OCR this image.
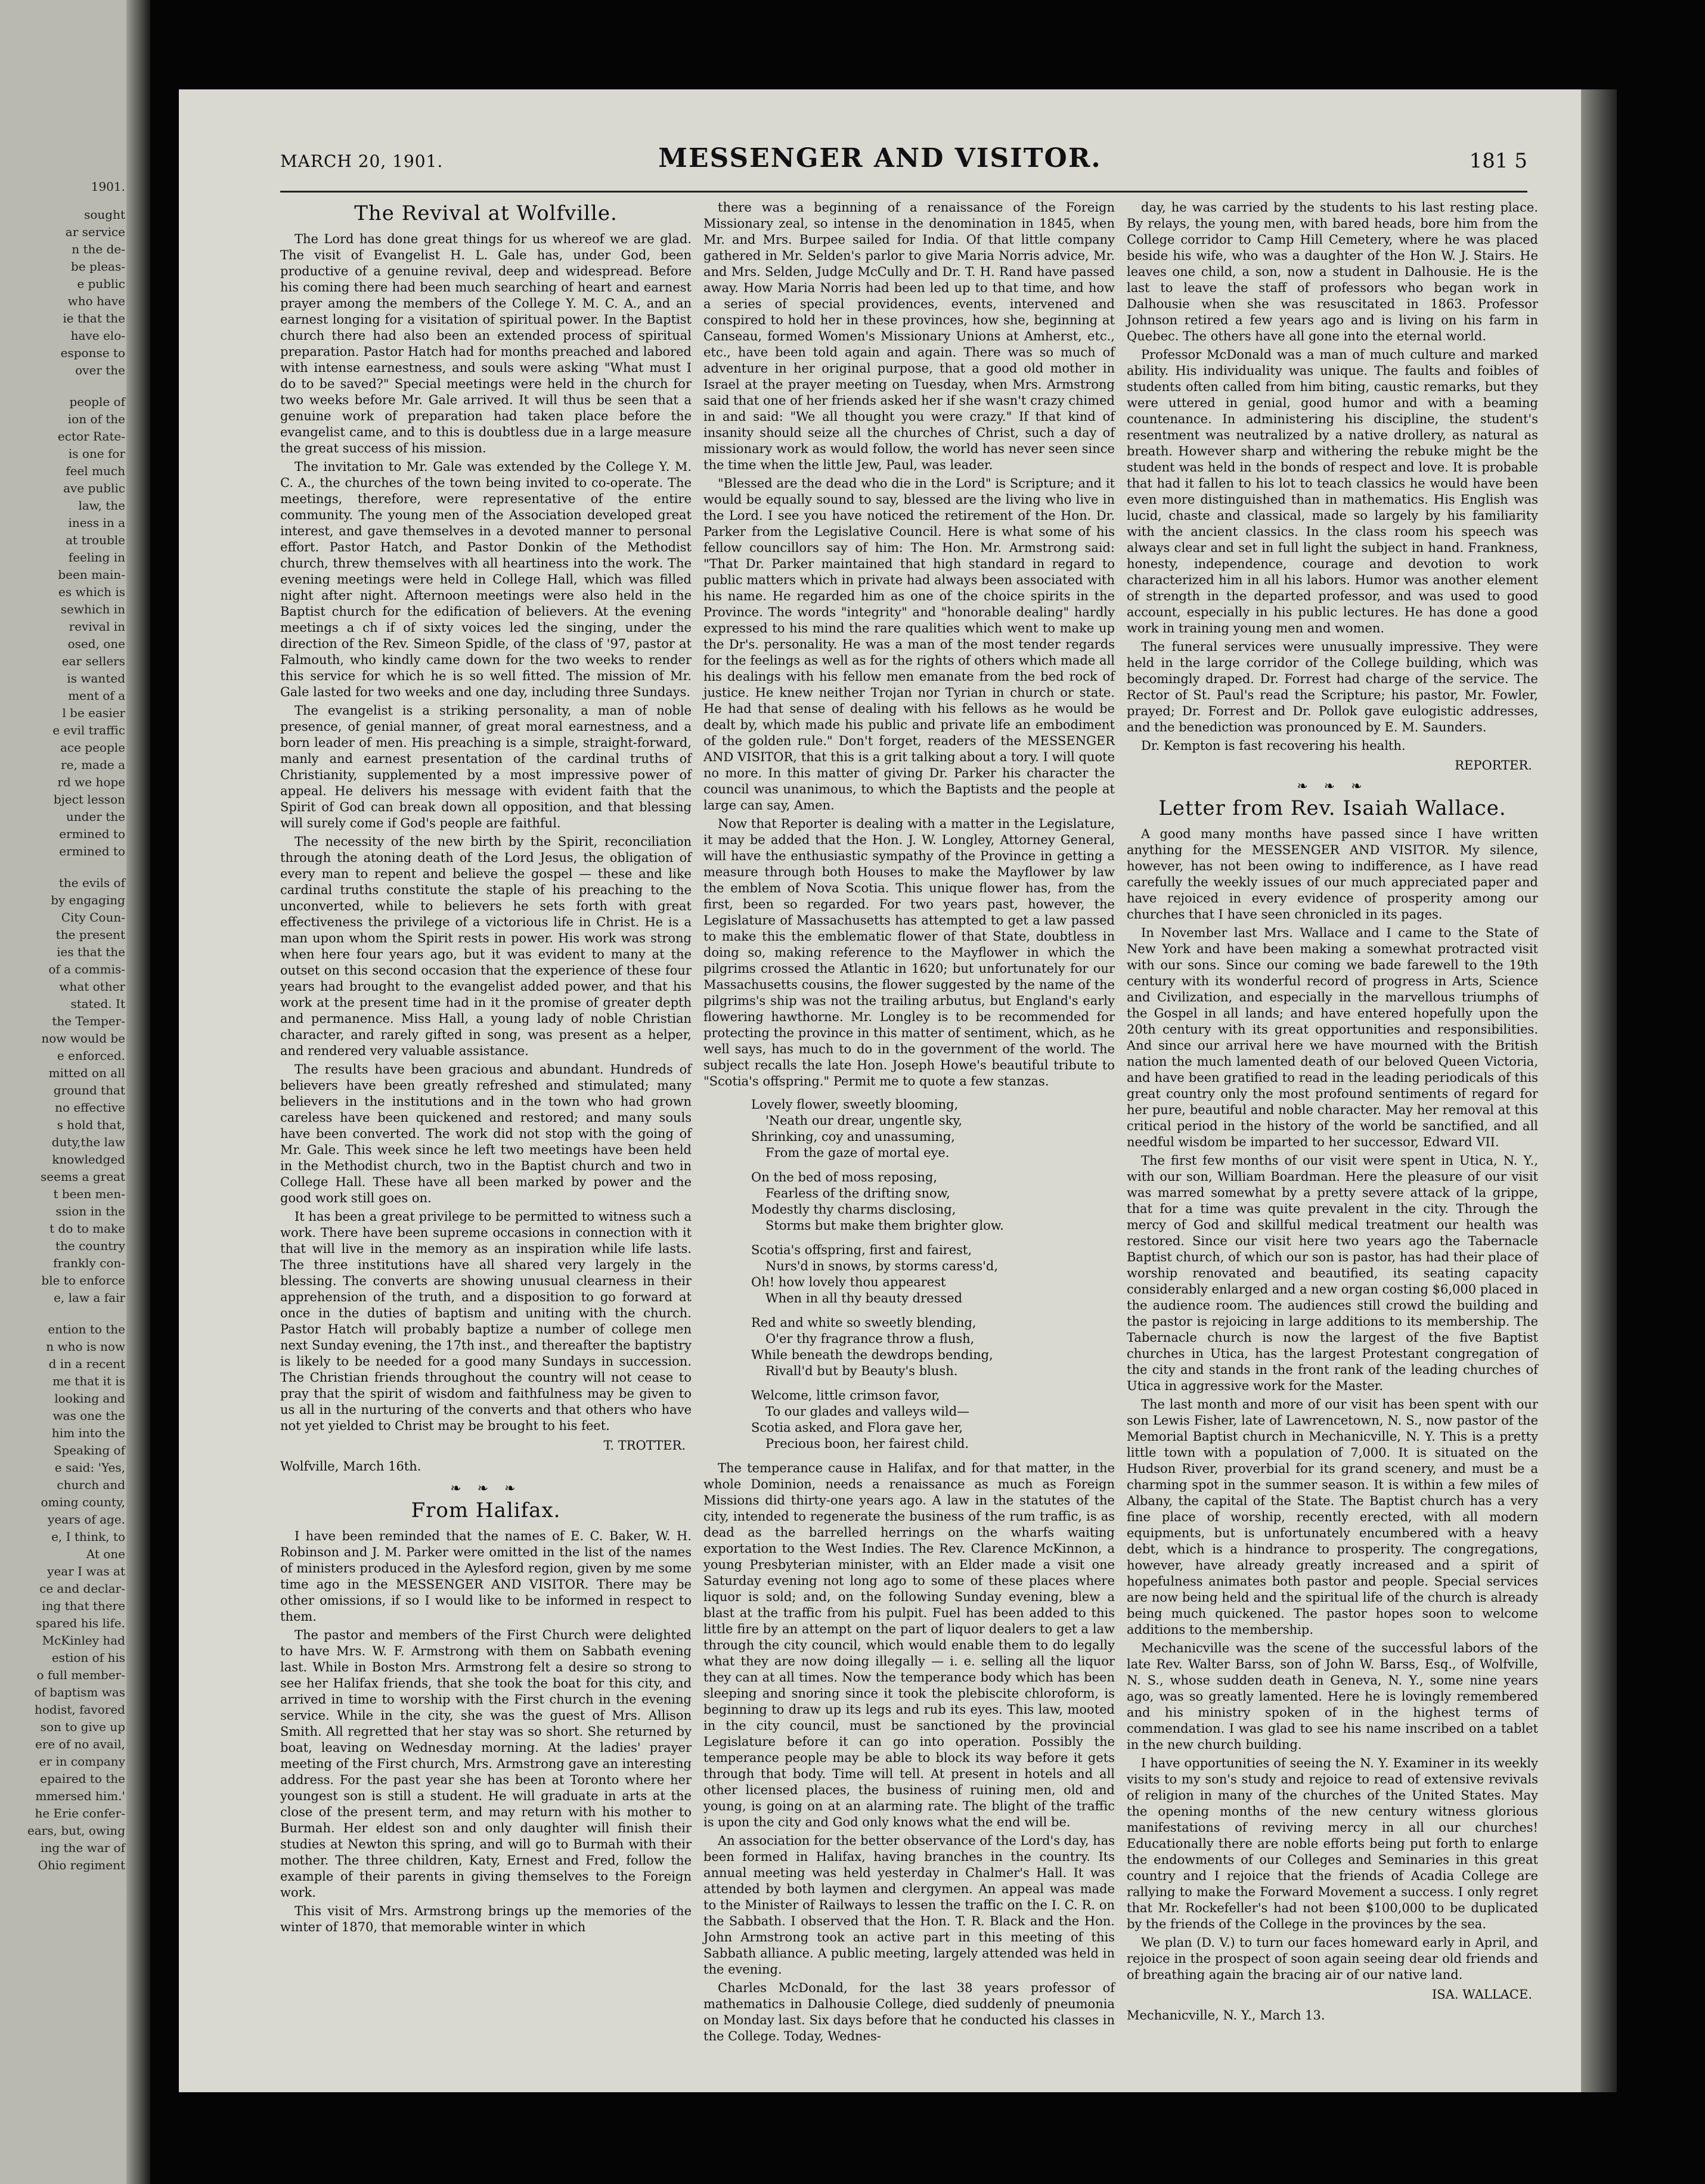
1901.

sought

ar service

n the de-

be pleas-

e public

who have

ie that the

have elo-

esponse to

over the

people of

ion of the

ector Rate-

is one for

feel much

ave public

law, the

iness in a

at trouble

feeling in

been main-

es which is

sewhich in

revival in

osed, one

ear sellers

is wanted

ment of a

l be easier

e evil traffic

ace people

re, made a

rd we hope

bject lesson

under the

ermined to

ermined to

the evils of

by engaging

City Coun-

the present

ies that the

of a commis-

what other

stated. It

the Temper-

now would be

e enforced.

mitted on all

ground that

no effective

s hold that,

duty,the law

knowledged

seems a great

t been men-

ssion in the

t do to make

the country

frankly con-

ble to enforce

e, law a fair

ention to the

n who is now

d in a recent

me that it is

looking and

was one the

him into the

Speaking of

e said: 'Yes,

church and

oming county,

years of age.

e, I think, to

At one

year I was at

ce and declar-

ing that there

spared his life.

McKinley had

estion of his

o full member-

of baptism was

hodist, favored

son to give up

ere of no avail,

er in company

epaired to the

mmersed him.'

he Erie confer-

ears, but, owing

ing the war of

Ohio regiment

MARCH 20, 1901.	MESSENGER AND VISITOR.	181 5
The Revival at Wolfville.

The Lord has done great things for us whereof we are glad. The visit of Evangelist H. L. Gale has, under God, been productive of a genuine revival, deep and widespread. Before his coming there had been much searching of heart and earnest prayer among the members of the College Y. M. C. A., and an earnest longing for a visitation of spiritual power. In the Baptist church there had also been an extended process of spiritual preparation. Pastor Hatch had for months preached and labored with intense earnestness, and souls were asking "What must I do to be saved?" Special meetings were held in the church for two weeks before Mr. Gale arrived. It will thus be seen that a genuine work of preparation had taken place before the evangelist came, and to this is doubtless due in a large measure the great success of his mission.

The invitation to Mr. Gale was extended by the College Y. M. C. A., the churches of the town being invited to co-operate. The meetings, therefore, were representative of the entire community. The young men of the Association developed great interest, and gave themselves in a devoted manner to personal effort. Pastor Hatch, and Pastor Donkin of the Methodist church, threw themselves with all heartiness into the work. The evening meetings were held in College Hall, which was filled night after night. Afternoon meetings were also held in the Baptist church for the edification of believers. At the evening meetings a ch if of sixty voices led the singing, under the direction of the Rev. Simeon Spidle, of the class of '97, pastor at Falmouth, who kindly came down for the two weeks to render this service for which he is so well fitted. The mission of Mr. Gale lasted for two weeks and one day, including three Sundays.

The evangelist is a striking personality, a man of noble presence, of genial manner, of great moral earnestness, and a born leader of men. His preaching is a simple, straight-forward, manly and earnest presentation of the cardinal truths of Christianity, supplemented by a most impressive power of appeal. He delivers his message with evident faith that the Spirit of God can break down all opposition, and that blessing will surely come if God's people are faithful.

The necessity of the new birth by the Spirit, reconciliation through the atoning death of the Lord Jesus, the obligation of every man to repent and believe the gospel — these and like cardinal truths constitute the staple of his preaching to the unconverted, while to believers he sets forth with great effectiveness the privilege of a victorious life in Christ. He is a man upon whom the Spirit rests in power. His work was strong when here four years ago, but it was evident to many at the outset on this second occasion that the experience of these four years had brought to the evangelist added power, and that his work at the present time had in it the promise of greater depth and permanence. Miss Hall, a young lady of noble Christian character, and rarely gifted in song, was present as a helper, and rendered very valuable assistance.

The results have been gracious and abundant. Hundreds of believers have been greatly refreshed and stimulated; many believers in the institutions and in the town who had grown careless have been quickened and restored; and many souls have been converted. The work did not stop with the going of Mr. Gale. This week since he left two meetings have been held in the Methodist church, two in the Baptist church and two in College Hall. These have all been marked by power and the good work still goes on.

It has been a great privilege to be permitted to witness such a work. There have been supreme occasions in connection with it that will live in the memory as an inspiration while life lasts. The three institutions have all shared very largely in the blessing. The converts are showing unusual clearness in their apprehension of the truth, and a disposition to go forward at once in the duties of baptism and uniting with the church. Pastor Hatch will probably baptize a number of college men next Sunday evening, the 17th inst., and thereafter the baptistry is likely to be needed for a good many Sundays in succession. The Christian friends throughout the country will not cease to pray that the spirit of wisdom and faithfulness may be given to us all in the nurturing of the converts and that others who have not yet yielded to Christ may be brought to his feet.

T. TROTTER.
Wolfville, March 16th.
❧ ❧ ❧
From Halifax.

I have been reminded that the names of E. C. Baker, W. H. Robinson and J. M. Parker were omitted in the list of the names of ministers produced in the Aylesford region, given by me some time ago in the MESSENGER AND VISITOR. There may be other omissions, if so I would like to be informed in respect to them.

The pastor and members of the First Church were delighted to have Mrs. W. F. Armstrong with them on Sabbath evening last. While in Boston Mrs. Armstrong felt a desire so strong to see her Halifax friends, that she took the boat for this city, and arrived in time to worship with the First church in the evening service. While in the city, she was the guest of Mrs. Allison Smith. All regretted that her stay was so short. She returned by boat, leaving on Wednesday morning. At the ladies' prayer meeting of the First church, Mrs. Armstrong gave an interesting address. For the past year she has been at Toronto where her youngest son is still a student. He will graduate in arts at the close of the present term, and may return with his mother to Burmah. Her eldest son and only daughter will finish their studies at Newton this spring, and will go to Burmah with their mother. The three children, Katy, Ernest and Fred, follow the example of their parents in giving themselves to the Foreign work.

This visit of Mrs. Armstrong brings up the memories of the winter of 1870, that memorable winter in which

there was a beginning of a renaissance of the Foreign Missionary zeal, so intense in the denomination in 1845, when Mr. and Mrs. Burpee sailed for India. Of that little company gathered in Mr. Selden's parlor to give Maria Norris advice, Mr. and Mrs. Selden, Judge McCully and Dr. T. H. Rand have passed away. How Maria Norris had been led up to that time, and how a series of special providences, events, intervened and conspired to hold her in these provinces, how she, beginning at Canseau, formed Women's Missionary Unions at Amherst, etc., etc., have been told again and again. There was so much of adventure in her original purpose, that a good old mother in Israel at the prayer meeting on Tuesday, when Mrs. Armstrong said that one of her friends asked her if she wasn't crazy chimed in and said: "We all thought you were crazy." If that kind of insanity should seize all the churches of Christ, such a day of missionary work as would follow, the world has never seen since the time when the little Jew, Paul, was leader.

"Blessed are the dead who die in the Lord" is Scripture; and it would be equally sound to say, blessed are the living who live in the Lord. I see you have noticed the retirement of the Hon. Dr. Parker from the Legislative Council. Here is what some of his fellow councillors say of him: The Hon. Mr. Armstrong said: "That Dr. Parker maintained that high standard in regard to public matters which in private had always been associated with his name. He regarded him as one of the choice spirits in the Province. The words "integrity" and "honorable dealing" hardly expressed to his mind the rare qualities which went to make up the Dr's. personality. He was a man of the most tender regards for the feelings as well as for the rights of others which made all his dealings with his fellow men emanate from the bed rock of justice. He knew neither Trojan nor Tyrian in church or state. He had that sense of dealing with his fellows as he would be dealt by, which made his public and private life an embodiment of the golden rule." Don't forget, readers of the MESSENGER AND VISITOR, that this is a grit talking about a tory. I will quote no more. In this matter of giving Dr. Parker his character the council was unanimous, to which the Baptists and the people at large can say, Amen.

Now that Reporter is dealing with a matter in the Legislature, it may be added that the Hon. J. W. Longley, Attorney General, will have the enthusiastic sympathy of the Province in getting a measure through both Houses to make the Mayflower by law the emblem of Nova Scotia. This unique flower has, from the first, been so regarded. For two years past, however, the Legislature of Massachusetts has attempted to get a law passed to make this the emblematic flower of that State, doubtless in doing so, making reference to the Mayflower in which the pilgrims crossed the Atlantic in 1620; but unfortunately for our Massachusetts cousins, the flower suggested by the name of the pilgrims's ship was not the trailing arbutus, but England's early flowering hawthorne. Mr. Longley is to be recommended for protecting the province in this matter of sentiment, which, as he well says, has much to do in the government of the world. The subject recalls the late Hon. Joseph Howe's beautiful tribute to "Scotia's offspring." Permit me to quote a few stanzas.

Lovely flower, sweetly blooming,
'Neath our drear, ungentle sky,
Shrinking, coy and unassuming,
From the gaze of mortal eye.
On the bed of moss reposing,
Fearless of the drifting snow,
Modestly thy charms disclosing,
Storms but make them brighter glow.
Scotia's offspring, first and fairest,
Nurs'd in snows, by storms caress'd,
Oh! how lovely thou appearest
When in all thy beauty dressed
Red and white so sweetly blending,
O'er thy fragrance throw a flush,
While beneath the dewdrops bending,
Rivall'd but by Beauty's blush.
Welcome, little crimson favor,
To our glades and valleys wild—
Scotia asked, and Flora gave her,
Precious boon, her fairest child.

The temperance cause in Halifax, and for that matter, in the whole Dominion, needs a renaissance as much as Foreign Missions did thirty-one years ago. A law in the statutes of the city, intended to regenerate the business of the rum traffic, is as dead as the barrelled herrings on the wharfs waiting exportation to the West Indies. The Rev. Clarence McKinnon, a young Presbyterian minister, with an Elder made a visit one Saturday evening not long ago to some of these places where liquor is sold; and, on the following Sunday evening, blew a blast at the traffic from his pulpit. Fuel has been added to this little fire by an attempt on the part of liquor dealers to get a law through the city council, which would enable them to do legally what they are now doing illegally — i. e. selling all the liquor they can at all times. Now the temperance body which has been sleeping and snoring since it took the plebiscite chloroform, is beginning to draw up its legs and rub its eyes. This law, mooted in the city council, must be sanctioned by the provincial Legislature before it can go into operation. Possibly the temperance people may be able to block its way before it gets through that body. Time will tell. At present in hotels and all other licensed places, the business of ruining men, old and young, is going on at an alarming rate. The blight of the traffic is upon the city and God only knows what the end will be.

An association for the better observance of the Lord's day, has been formed in Halifax, having branches in the country. Its annual meeting was held yesterday in Chalmer's Hall. It was attended by both laymen and clergymen. An appeal was made to the Minister of Railways to lessen the traffic on the I. C. R. on the Sabbath. I observed that the Hon. T. R. Black and the Hon. John Armstrong took an active part in this meeting of this Sabbath alliance. A public meeting, largely attended was held in the evening.

Charles McDonald, for the last 38 years professor of mathematics in Dalhousie College, died suddenly of pneumonia on Monday last. Six days before that he conducted his classes in the College. Today, Wednes-

day, he was carried by the students to his last resting place. By relays, the young men, with bared heads, bore him from the College corridor to Camp Hill Cemetery, where he was placed beside his wife, who was a daughter of the Hon W. J. Stairs. He leaves one child, a son, now a student in Dalhousie. He is the last to leave the staff of professors who began work in Dalhousie when she was resuscitated in 1863. Professor Johnson retired a few years ago and is living on his farm in Quebec. The others have all gone into the eternal world.

Professor McDonald was a man of much culture and marked ability. His individuality was unique. The faults and foibles of students often called from him biting, caustic remarks, but they were uttered in genial, good humor and with a beaming countenance. In administering his discipline, the student's resentment was neutralized by a native drollery, as natural as breath. However sharp and withering the rebuke might be the student was held in the bonds of respect and love. It is probable that had it fallen to his lot to teach classics he would have been even more distinguished than in mathematics. His English was lucid, chaste and classical, made so largely by his familiarity with the ancient classics. In the class room his speech was always clear and set in full light the subject in hand. Frankness, honesty, independence, courage and devotion to work characterized him in all his labors. Humor was another element of strength in the departed professor, and was used to good account, especially in his public lectures. He has done a good work in training young men and women.

The funeral services were unusually impressive. They were held in the large corridor of the College building, which was becomingly draped. Dr. Forrest had charge of the service. The Rector of St. Paul's read the Scripture; his pastor, Mr. Fowler, prayed; Dr. Forrest and Dr. Pollok gave eulogistic addresses, and the benediction was pronounced by E. M. Saunders.

Dr. Kempton is fast recovering his health.

REPORTER.
❧ ❧ ❧
Letter from Rev. Isaiah Wallace.

A good many months have passed since I have written anything for the MESSENGER AND VISITOR. My silence, however, has not been owing to indifference, as I have read carefully the weekly issues of our much appreciated paper and have rejoiced in every evidence of prosperity among our churches that I have seen chronicled in its pages.

In November last Mrs. Wallace and I came to the State of New York and have been making a somewhat protracted visit with our sons. Since our coming we bade farewell to the 19th century with its wonderful record of progress in Arts, Science and Civilization, and especially in the marvellous triumphs of the Gospel in all lands; and have entered hopefully upon the 20th century with its great opportunities and responsibilities. And since our arrival here we have mourned with the British nation the much lamented death of our beloved Queen Victoria, and have been gratified to read in the leading periodicals of this great country only the most profound sentiments of regard for her pure, beautiful and noble character. May her removal at this critical period in the history of the world be sanctified, and all needful wisdom be imparted to her successor, Edward VII.

The first few months of our visit were spent in Utica, N. Y., with our son, William Boardman. Here the pleasure of our visit was marred somewhat by a pretty severe attack of la grippe, that for a time was quite prevalent in the city. Through the mercy of God and skillful medical treatment our health was restored. Since our visit here two years ago the Tabernacle Baptist church, of which our son is pastor, has had their place of worship renovated and beautified, its seating capacity considerably enlarged and a new organ costing $6,000 placed in the audience room. The audiences still crowd the building and the pastor is rejoicing in large additions to its membership. The Tabernacle church is now the largest of the five Baptist churches in Utica, has the largest Protestant congregation of the city and stands in the front rank of the leading churches of Utica in aggressive work for the Master.

The last month and more of our visit has been spent with our son Lewis Fisher, late of Lawrencetown, N. S., now pastor of the Memorial Baptist church in Mechanicville, N. Y. This is a pretty little town with a population of 7,000. It is situated on the Hudson River, proverbial for its grand scenery, and must be a charming spot in the summer season. It is within a few miles of Albany, the capital of the State. The Baptist church has a very fine place of worship, recently erected, with all modern equipments, but is unfortunately encumbered with a heavy debt, which is a hindrance to prosperity. The congregations, however, have already greatly increased and a spirit of hopefulness animates both pastor and people. Special services are now being held and the spiritual life of the church is already being much quickened. The pastor hopes soon to welcome additions to the membership.

Mechanicville was the scene of the successful labors of the late Rev. Walter Barss, son of John W. Barss, Esq., of Wolfville, N. S., whose sudden death in Geneva, N. Y., some nine years ago, was so greatly lamented. Here he is lovingly remembered and his ministry spoken of in the highest terms of commendation. I was glad to see his name inscribed on a tablet in the new church building.

I have opportunities of seeing the N. Y. Examiner in its weekly visits to my son's study and rejoice to read of extensive revivals of religion in many of the churches of the United States. May the opening months of the new century witness glorious manifestations of reviving mercy in all our churches! Educationally there are noble efforts being put forth to enlarge the endowments of our Colleges and Seminaries in this great country and I rejoice that the friends of Acadia College are rallying to make the Forward Movement a success. I only regret that Mr. Rockefeller's had not been $100,000 to be duplicated by the friends of the College in the provinces by the sea.

We plan (D. V.) to turn our faces homeward early in April, and rejoice in the prospect of soon again seeing dear old friends and of breathing again the bracing air of our native land.

ISA. WALLACE.
Mechanicville, N. Y., March 13.
